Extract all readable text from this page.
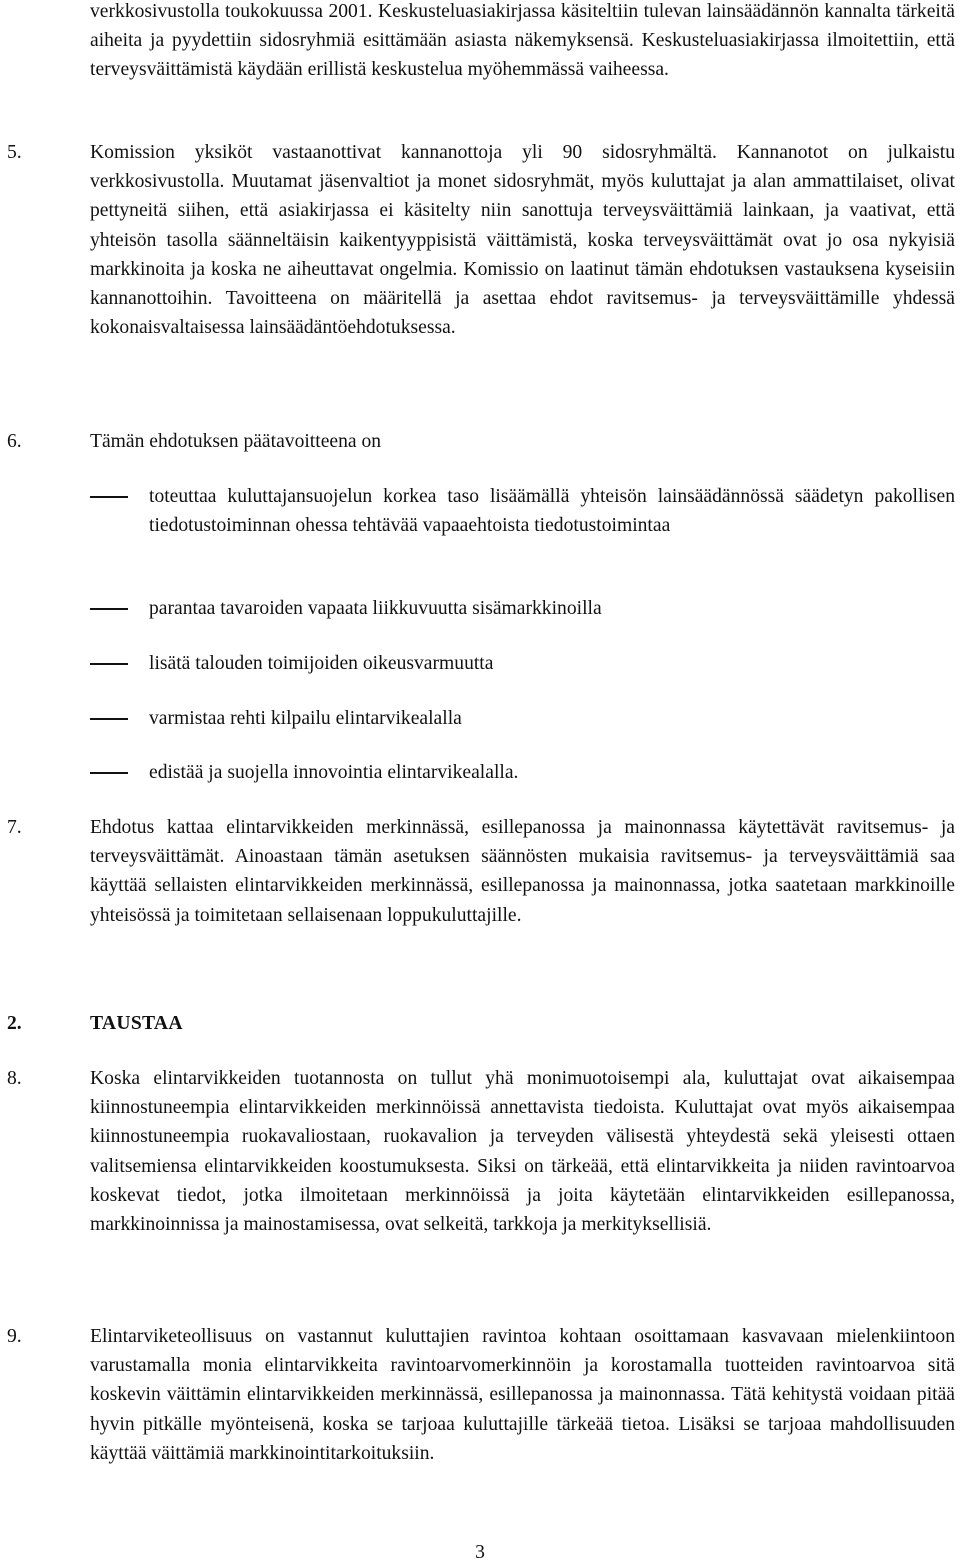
verkkosivustolla toukokuussa 2001. Keskusteluasiakirjassa käsiteltiin tulevan lainsäädännön kannalta tärkeitä aiheita ja pyydettiin sidosryhmiä esittämään asiasta näkemyksensä. Keskusteluasiakirjassa ilmoitettiin, että terveysväittämistä käydään erillistä keskustelua myöhemmässä vaiheessa.

5.	Komission yksiköt vastaanottivat kannanottoja yli 90 sidosryhmältä. Kannanotot on julkaistu verkkosivustolla. Muutamat jäsenvaltiot ja monet sidosryhmät, myös kuluttajat ja alan ammattilaiset, olivat pettyneitä siihen, että asiakirjassa ei käsitelty niin sanottuja terveysväittämiä lainkaan, ja vaativat, että yhteisön tasolla säänneltäisin kaikentyyppisistä väittämistä, koska terveysväittämät ovat jo osa nykyisiä markkinoita ja koska ne aiheuttavat ongelmia. Komissio on laatinut tämän ehdotuksen vastauksena kyseisiin kannanottoihin. Tavoitteena on määritellä ja asettaa ehdot ravitsemus- ja terveysväittämille yhdessä kokonaisvaltaisessa lainsäädäntöehdotuksessa.

6.	Tämän ehdotuksen päätavoitteena on

toteuttaa kuluttajansuojelun korkea taso lisäämällä yhteisön lainsäädännössä säädetyn pakollisen tiedotustoiminnan ohessa tehtävää vapaaehtoista tiedotustoimintaa

parantaa tavaroiden vapaata liikkuvuutta sisämarkkinoilla

lisätä talouden toimijoiden oikeusvarmuutta

varmistaa rehti kilpailu elintarvikealalla

edistää ja suojella innovointia elintarvikealalla.

7.	Ehdotus kattaa elintarvikkeiden merkinnässä, esillepanossa ja mainonnassa käytettävät ravitsemus- ja terveysväittämät. Ainoastaan tämän asetuksen säännösten mukaisia ravitsemus- ja terveysväittämiä saa käyttää sellaisten elintarvikkeiden merkinnässä, esillepanossa ja mainonnassa, jotka saatetaan markkinoille yhteisössä ja toimitetaan sellaisenaan loppukuluttajille.

2.	TAUSTAA
8.	Koska elintarvikkeiden tuotannosta on tullut yhä monimuotoisempi ala, kuluttajat ovat aikaisempaa kiinnostuneempia elintarvikkeiden merkinnöissä annettavista tiedoista. Kuluttajat ovat myös aikaisempaa kiinnostuneempia ruokavaliostaan, ruokavalion ja terveyden välisestä yhteydestä sekä yleisesti ottaen valitsemiensa elintarvikkeiden koostumuksesta. Siksi on tärkeää, että elintarvikkeita ja niiden ravintoarvoa koskevat tiedot, jotka ilmoitetaan merkinnöissä ja joita käytetään elintarvikkeiden esillepanossa, markkinoinnissa ja mainostamisessa, ovat selkeitä, tarkkoja ja merkityksellisiä.

9.	Elintarviketeollisuus on vastannut kuluttajien ravintoa kohtaan osoittamaan kasvavaan mielenkiintoon varustamalla monia elintarvikkeita ravintoarvomerkinnöin ja korostamalla tuotteiden ravintoarvoa sitä koskevin väittämin elintarvikkeiden merkinnässä, esillepanossa ja mainonnassa. Tätä kehitystä voidaan pitää hyvin pitkälle myönteisenä, koska se tarjoaa kuluttajille tärkeää tietoa. Lisäksi se tarjoaa mahdollisuuden käyttää väittämiä markkinointitarkoituksiin.

3
